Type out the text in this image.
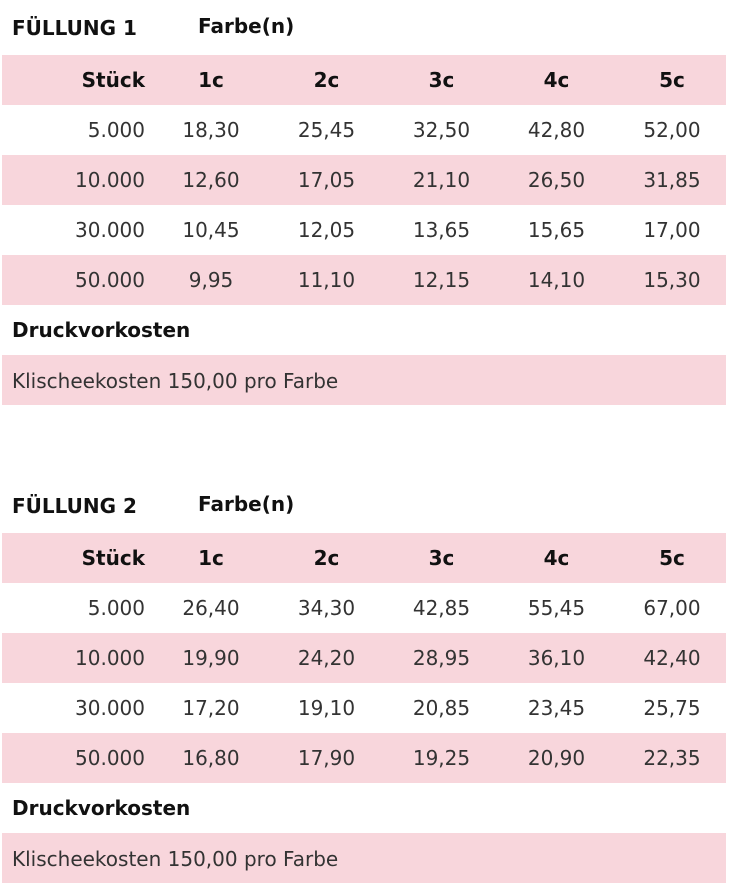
FÜLLUNG 1	Farbe(n)
Stück	1c	2c	3c	4c	5c
5.000	18,30	25,45	32,50	42,80	52,00
10.000	12,60	17,05	21,10	26,50	31,85
30.000	10,45	12,05	13,65	15,65	17,00
50.000	9,95	11,10	12,15	14,10	15,30
Druckvorkosten
Klischeekosten 150,00 pro Farbe
FÜLLUNG 2	Farbe(n)
Stück	1c	2c	3c	4c	5c
5.000	26,40	34,30	42,85	55,45	67,00
10.000	19,90	24,20	28,95	36,10	42,40
30.000	17,20	19,10	20,85	23,45	25,75
50.000	16,80	17,90	19,25	20,90	22,35
Druckvorkosten
Klischeekosten 150,00 pro Farbe
